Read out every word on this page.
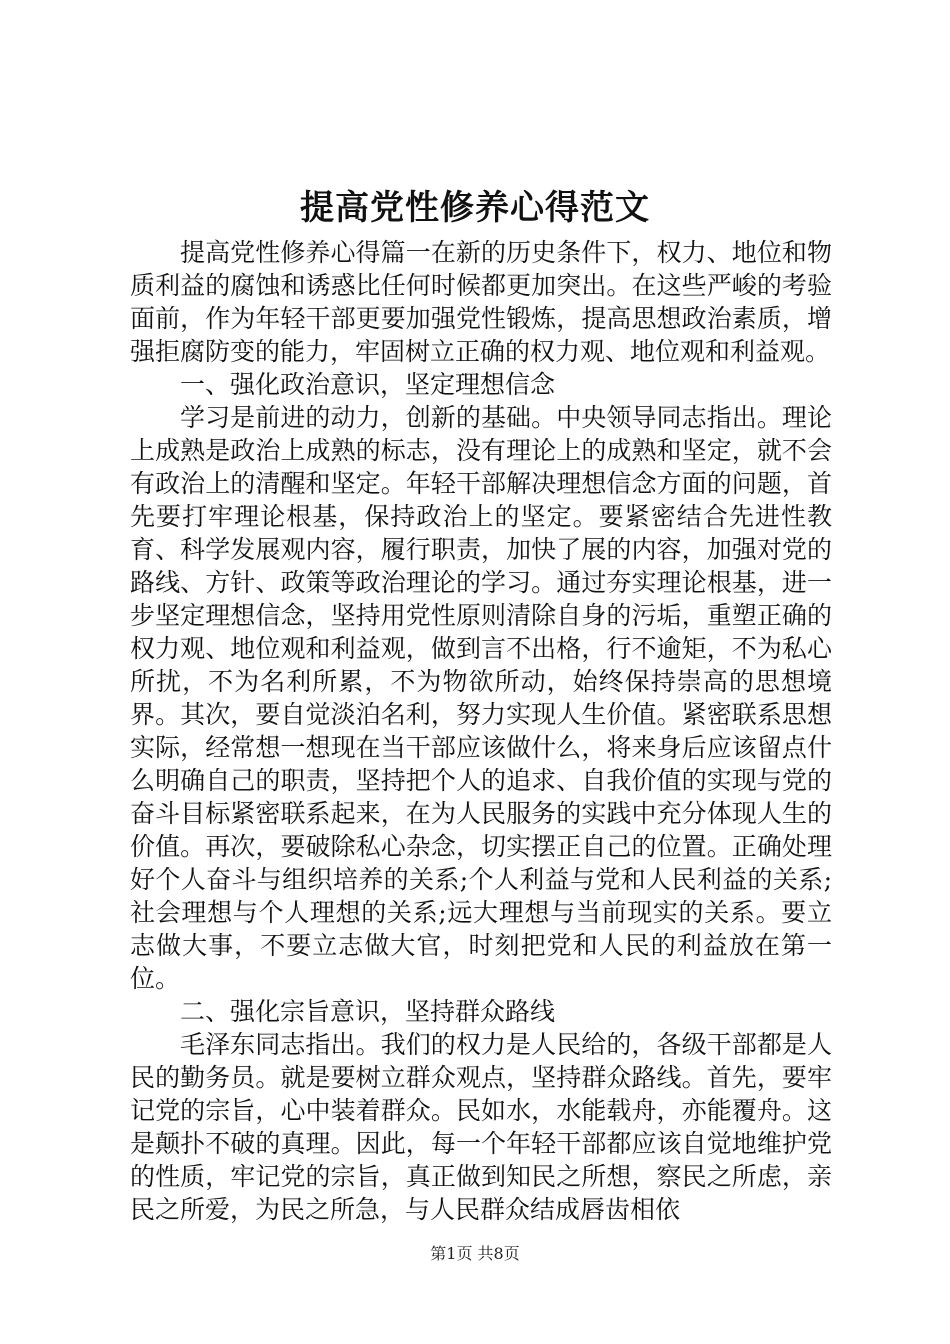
提高党性修养心得范文

提高党性修养心得篇一在新的历史条件下，权力、地位和物质利益的腐蚀和诱惑比任何时候都更加突出。在这些严峻的考验面前，作为年轻干部更要加强党性锻炼，提高思想政治素质，增强拒腐防变的能力，牢固树立正确的权力观、地位观和利益观。

一、强化政治意识，坚定理想信念

学习是前进的动力，创新的基础。中央领导同志指出。理论上成熟是政治上成熟的标志，没有理论上的成熟和坚定，就不会有政治上的清醒和坚定。年轻干部解决理想信念方面的问题，首先要打牢理论根基，保持政治上的坚定。要紧密结合先进性教育、科学发展观内容，履行职责，加快了展的内容，加强对党的路线、方针、政策等政治理论的学习。通过夯实理论根基，进一步坚定理想信念，坚持用党性原则清除自身的污垢，重塑正确的权力观、地位观和利益观，做到言不出格，行不逾矩，不为私心所扰，不为名利所累，不为物欲所动，始终保持崇高的思想境界。其次，要自觉淡泊名利，努力实现人生价值。紧密联系思想实际，经常想一想现在当干部应该做什么，将来身后应该留点什么明确自己的职责，坚持把个人的追求、自我价值的实现与党的奋斗目标紧密联系起来，在为人民服务的实践中充分体现人生的价值。再次，要破除私心杂念，切实摆正自己的位置。正确处理好个人奋斗与组织培养的关系;个人利益与党和人民利益的关系;社会理想与个人理想的关系;远大理想与当前现实的关系。要立志做大事，不要立志做大官，时刻把党和人民的利益放在第一位。

二、强化宗旨意识，坚持群众路线

毛泽东同志指出。我们的权力是人民给的，各级干部都是人民的勤务员。就是要树立群众观点，坚持群众路线。首先，要牢记党的宗旨，心中装着群众。民如水，水能载舟，亦能覆舟。这是颠扑不破的真理。因此，每一个年轻干部都应该自觉地维护党的性质，牢记党的宗旨，真正做到知民之所想，察民之所虑，亲民之所爱，为民之所急，与人民群众结成唇齿相依

第1页 共8页
